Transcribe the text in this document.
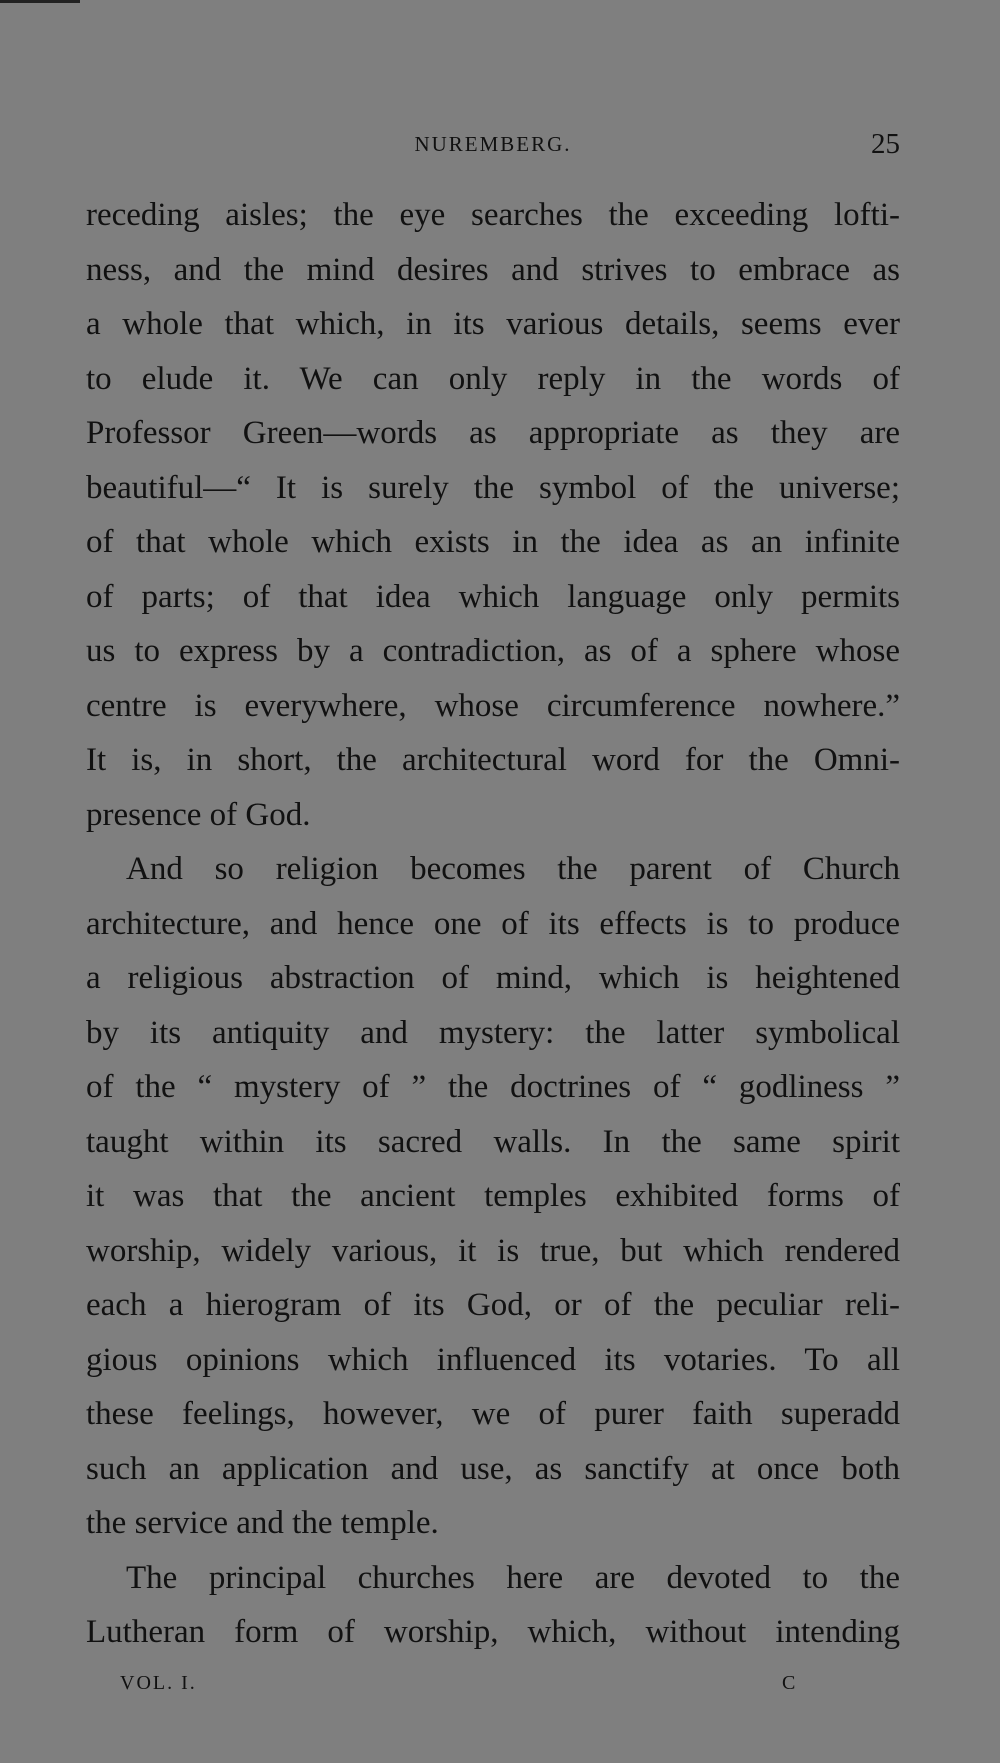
NUREMBERG.	25
receding aisles; the eye searches the exceeding lofti-
ness, and the mind desires and strives to embrace as
a whole that which, in its various details, seems ever
to elude it. We can only reply in the words of
Professor Green—words as appropriate as they are
beautiful—“ It is surely the symbol of the universe;
of that whole which exists in the idea as an infinite
of parts; of that idea which language only permits
us to express by a contradiction, as of a sphere whose
centre is everywhere, whose circumference nowhere.”
It is, in short, the architectural word for the Omni-
presence of God.
And so religion becomes the parent of Church
architecture, and hence one of its effects is to produce
a religious abstraction of mind, which is heightened
by its antiquity and mystery: the latter symbolical
of the “ mystery of ” the doctrines of “ godliness ”
taught within its sacred walls. In the same spirit
it was that the ancient temples exhibited forms of
worship, widely various, it is true, but which rendered
each a hierogram of its God, or of the peculiar reli-
gious opinions which influenced its votaries. To all
these feelings, however, we of purer faith superadd
such an application and use, as sanctify at once both
the service and the temple.
The principal churches here are devoted to the
Lutheran form of worship, which, without intending
VOL. I.	C
